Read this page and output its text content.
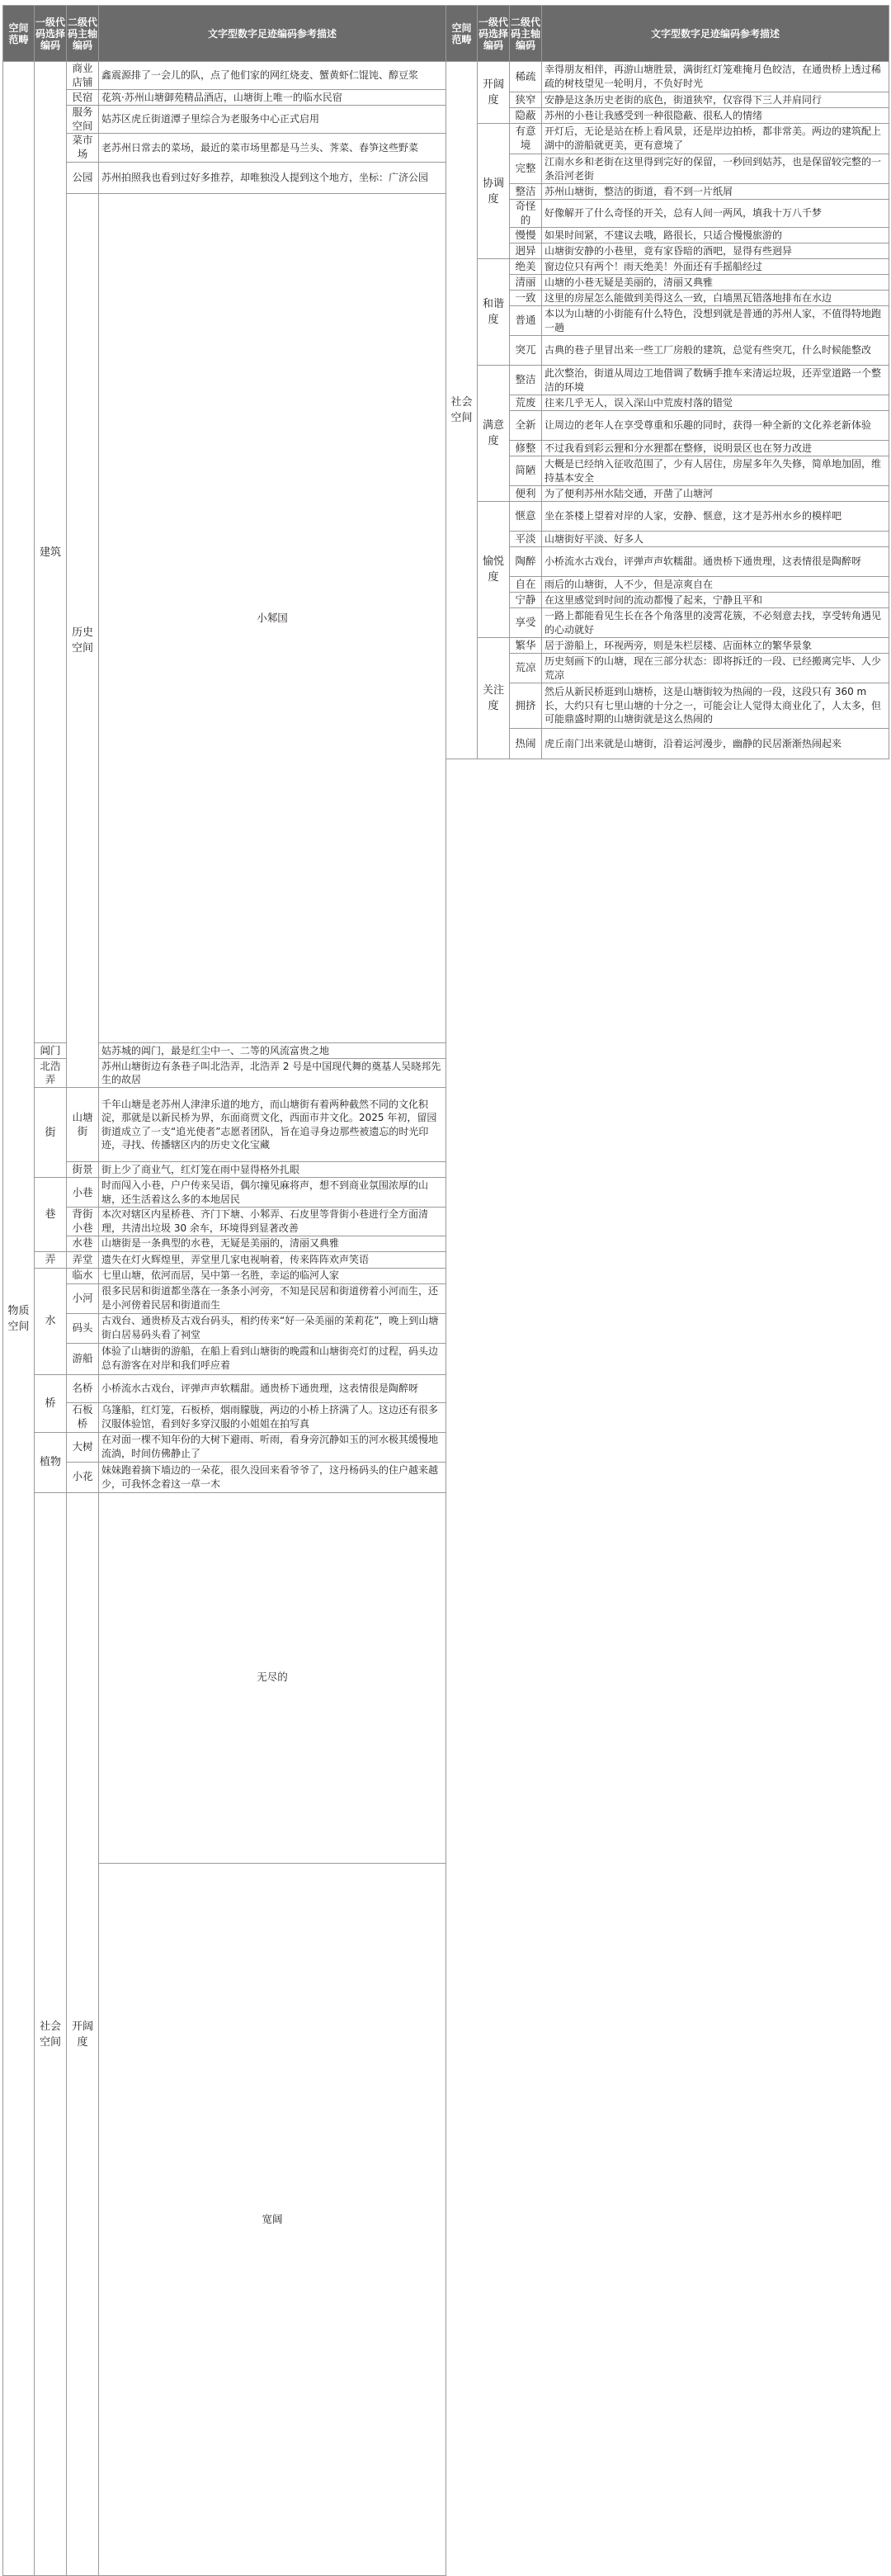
空间范畴	一级代码选择编码	二级代码主轴编码	文字型数字足迹编码参考描述	
物质空间	建筑	商业店铺	鑫震源排了一会儿的队，点了他们家的网红烧麦、蟹黄虾仁馄饨、醇豆浆	
		民宿	花筑·苏州山塘御苑精品酒店，山塘街上唯一的临水民宿	
		服务空间	姑苏区虎丘街道潭子里综合为老服务中心正式启用	
		菜市场	老苏州日常去的菜场，最近的菜市场里都是马兰头、荠菜、春笋这些野菜	
		公园	苏州拍照我也看到过好多推荐，却唯独没人提到这个地方，坐标：广济公园	
		历史空间	小邾国	
	阊门		姑苏城的阊门，最是红尘中一、二等的风流富贵之地	
	北浩弄		苏州山塘街边有条巷子叫北浩弄，北浩弄 2 号是中国现代舞的奠基人吴晓邦先生的故居	
	街	山塘街	千年山塘是老苏州人津津乐道的地方，而山塘街有着两种截然不同的文化积淀，那就是以新民桥为界，东面商贾文化，西面市井文化。2025 年初，留园街道成立了一支“追光使者”志愿者团队，旨在追寻身边那些被遗忘的时光印迹，寻找、传播辖区内的历史文化宝藏	
		街景	街上少了商业气，红灯笼在雨中显得格外扎眼	
	巷	小巷	时而闯入小巷，户户传来吴语，偶尔撞见麻将声，想不到商业氛围浓厚的山塘，还生活着这么多的本地居民	
		背街小巷	本次对辖区内星桥巷、齐门下塘、小邾弄、石皮里等背街小巷进行全方面清理，共清出垃圾 30 余车，环境得到显著改善	
		水巷	山塘街是一条典型的水巷，无疑是美丽的，清丽又典雅	
	弄	弄堂	遗失在灯火辉煌里，弄堂里几家电视响着，传来阵阵欢声笑语	
	水	临水	七里山塘，依河而居，吴中第一名胜，幸运的临河人家	
		小河	很多民居和街道都坐落在一条条小河旁，不知是民居和街道傍着小河而生，还是小河傍着民居和街道而生	
		码头	古戏台、通贵桥及古戏台码头，相约传来“好一朵美丽的茉莉花”，晚上到山塘街白居易码头看了祠堂	
		游船	体验了山塘街的游船，在船上看到山塘街的晚霞和山塘街亮灯的过程，码头边总有游客在对岸和我们呼应着	
	桥	名桥	小桥流水古戏台，评弹声声软糯甜。通贵桥下通贵理，这表情很是陶醉呀	
		石板桥	乌篷船，红灯笼，石板桥，烟雨朦胧，两边的小桥上挤满了人。这边还有很多汉服体验馆，看到好多穿汉服的小姐姐在拍写真	
	植物	大树	在对面一棵不知年份的大树下避雨、听雨，看身旁沉静如玉的河水极其缓慢地流淌，时间仿佛静止了	
		小花	妹妹跑着摘下墙边的一朵花，很久没回来看爷爷了，这丹杨码头的住户越来越少，可我怀念着这一草一木	
	社会空间	开阔度	无尽的	
			宽阔	
空间范畴	一级代码选择编码	二级代码主轴编码	文字型数字足迹编码参考描述
社会空间	开阔度	稀疏	幸得朋友相伴，再游山塘胜景，满街红灯笼难掩月色皎洁，在通贵桥上透过稀疏的树枝望见一轮明月，不负好时光
		狭窄	安静是这条历史老街的底色，街道狭窄，仅容得下三人并肩同行
		隐蔽	苏州的小巷让我感受到一种很隐蔽、很私人的情绪
	协调度	有意境	开灯后，无论是站在桥上看风景，还是岸边拍桥，都非常美。两边的建筑配上湖中的游船就更美，更有意境了
		完整	江南水乡和老街在这里得到完好的保留，一秒回到姑苏，也是保留较完整的一条沿河老街
		整洁	苏州山塘街，整洁的街道，看不到一片纸屑
		奇怪的	好像解开了什么奇怪的开关，总有人间一两风，填我十万八千梦
		慢慢	如果时间紧，不建议去哦，路很长，只适合慢慢旅游的
		迥异	山塘街安静的小巷里，竟有家昏暗的酒吧，显得有些迥异
	和谐度	绝美	窗边位只有两个！雨天绝美！外面还有手摇船经过
		清丽	山塘的小巷无疑是美丽的，清丽又典雅
		一致	这里的房屋怎么能做到美得这么一致，白墙黑瓦错落地排布在水边
		普通	本以为山塘的小街能有什么特色，没想到就是普通的苏州人家，不值得特地跑一趟
		突兀	古典的巷子里冒出来一些工厂房般的建筑，总觉有些突兀，什么时候能整改
	满意度	整洁	此次整治，街道从周边工地借调了数辆手推车来清运垃圾，还弄堂道路一个整洁的环境
		荒废	往来几乎无人，误入深山中荒废村落的错觉
		全新	让周边的老年人在享受尊重和乐趣的同时，获得一种全新的文化养老新体验
		修整	不过我看到彩云狸和分水狸都在整修，说明景区也在努力改进
		简陋	大概是已经纳入征收范围了，少有人居住，房屋多年久失修，简单地加固，维持基本安全
		便利	为了便利苏州水陆交通，开凿了山塘河
	愉悦度	惬意	坐在茶楼上望着对岸的人家，安静、惬意，这才是苏州水乡的模样吧
		平淡	山塘街好平淡、好多人
		陶醉	小桥流水古戏台，评弹声声软糯甜。通贵桥下通贵理，这表情很是陶醉呀
		自在	雨后的山塘街，人不少，但是凉爽自在
		宁静	在这里感觉到时间的流动都慢了起来，宁静且平和
		享受	一路上都能看见生长在各个角落里的凌霄花簇，不必刻意去找，享受转角遇见的心动就好
	关注度	繁华	居于游船上，环视两旁，则是朱栏层楼、店面林立的繁华景象
		荒凉	历史刻画下的山塘，现在三部分状态：即将拆迁的一段、已经搬离完毕、人少荒凉
		拥挤	然后从新民桥逛到山塘桥，这是山塘街较为热闹的一段，这段只有 360 m 长，大约只有七里山塘的十分之一，可能会让人觉得太商业化了，人太多，但可能鼎盛时期的山塘街就是这么热闹的
		热闹	虎丘南门出来就是山塘街，沿着运河漫步，幽静的民居渐渐热闹起来
